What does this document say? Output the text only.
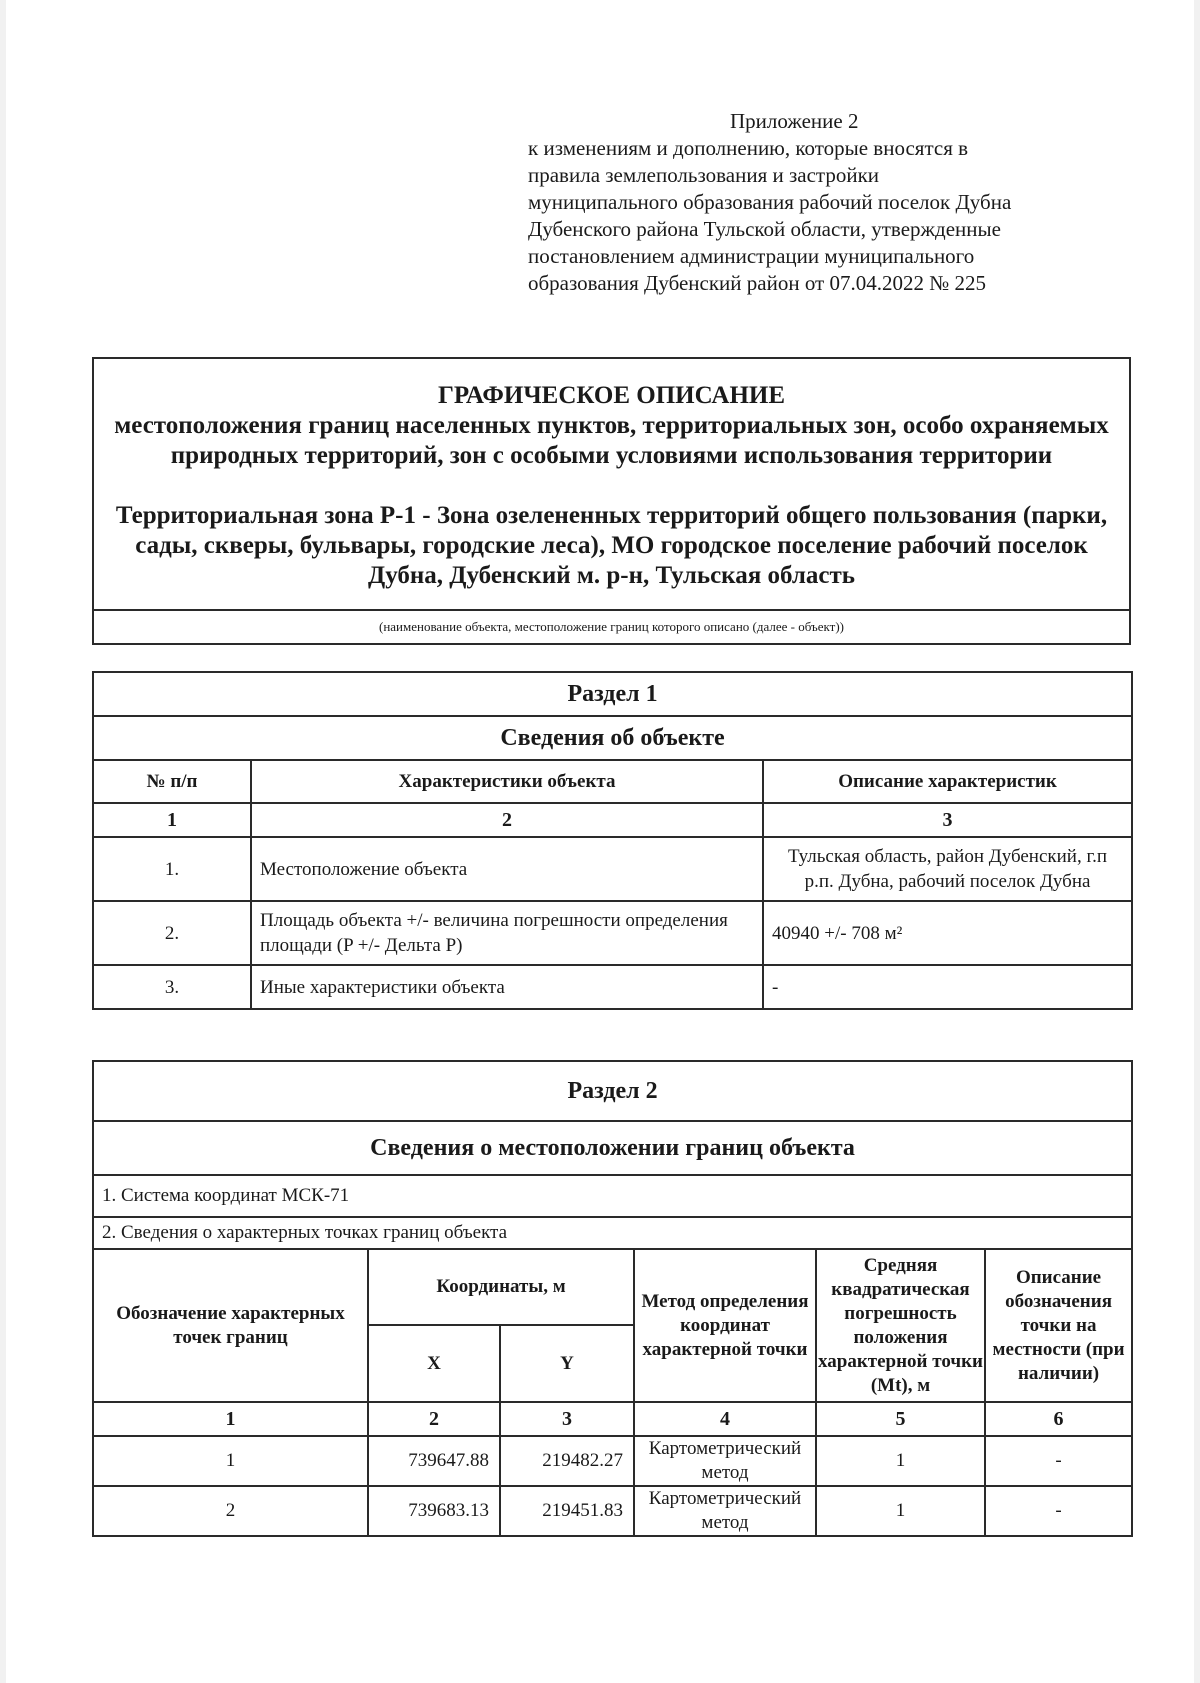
Приложение 2
к изменениям и дополнению, которые вносятся в
правила землепользования и застройки
муниципального образования рабочий поселок Дубна
Дубенского района Тульской области, утвержденные
постановлением администрации муниципального
образования Дубенский район от 07.04.2022 № 225
ГРАФИЧЕСКОЕ ОПИСАНИЕ
местоположения границ населенных пунктов, территориальных зон, особо охраняемых природных территорий, зон с особыми условиями использования территории
Территориальная зона Р-1 - Зона озелененных территорий общего пользования (парки, сады, скверы, бульвары, городские леса), МО городское поселение рабочий поселок Дубна, Дубенский м. р-н, Тульская область

(наименование объекта, местоположение границ которого описано (далее - объект))
Раздел 1		
Сведения об объекте		
№ п/п	Характеристики объекта	Описание характеристик
1	2	3
1.	Местоположение объекта	Тульская область, район Дубенский, г.п р.п. Дубна, рабочий поселок Дубна
2.	Площадь объекта +/- величина погрешности определения площади (P +/- Дельта P)	40940 +/- 708 м²
3.	Иные характеристики объекта	-
Раздел 2					
Сведения о местоположении границ объекта					
1. Система координат МСК-71					
2. Сведения о характерных точках границ объекта					
Обозначение характерных точек границ	Координаты, м		Метод определения координат характерной точки	Средняя квадратическая погрешность положения характерной точки (Mt), м	Описание обозначения точки на местности (при наличии)
	X	Y			
1	2	3	4	5	6
1	739647.88	219482.27	Картометрический метод	1	-
2	739683.13	219451.83	Картометрический метод	1	-
